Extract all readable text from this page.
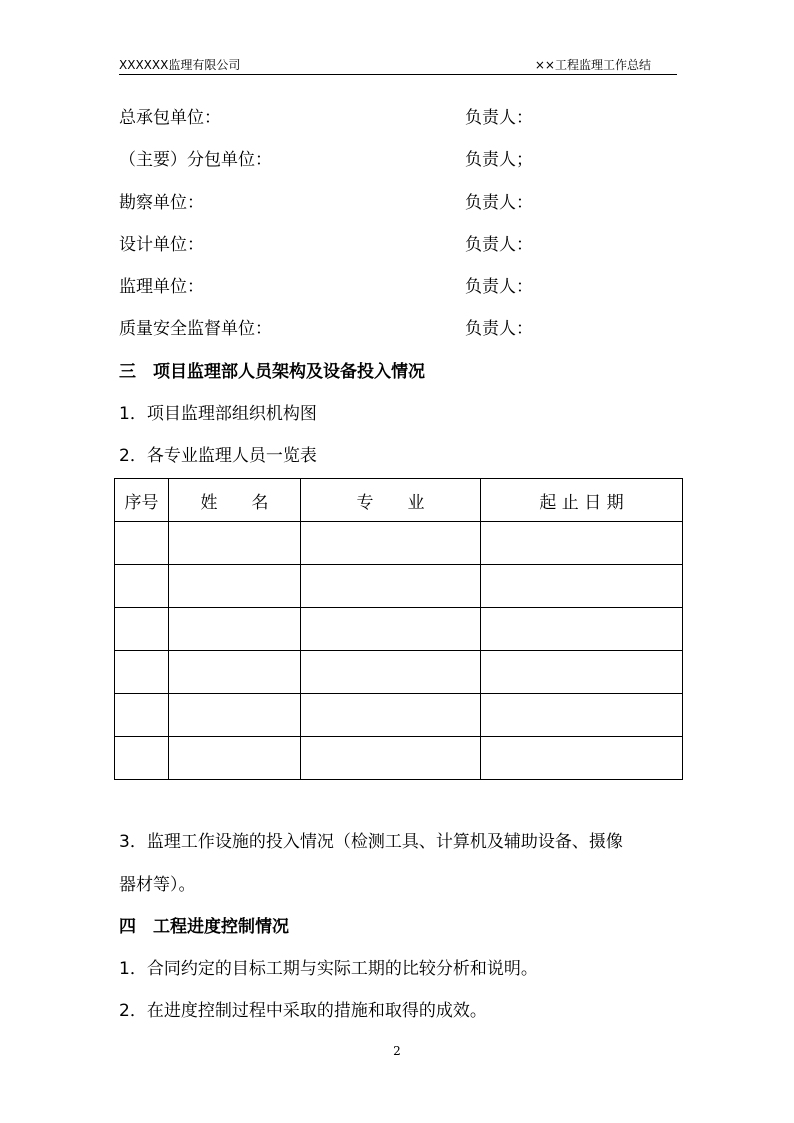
XXXXXX监理有限公司	××工程监理工作总结
总承包单位：	负责人：
（主要）分包单位：	负责人；
勘察单位：	负责人：
设计单位：	负责人：
监理单位：	负责人：
质量安全监督单位：	负责人：
三　项目监理部人员架构及设备投入情况
1．项目监理部组织机构图
2．各专业监理人员一览表
序号	姓　　名	专　　业	起 止 日 期

3．监理工作设施的投入情况（检测工具、计算机及辅助设备、摄像
器材等）。
四　工程进度控制情况
1．合同约定的目标工期与实际工期的比较分析和说明。
2．在进度控制过程中采取的措施和取得的成效。
2
